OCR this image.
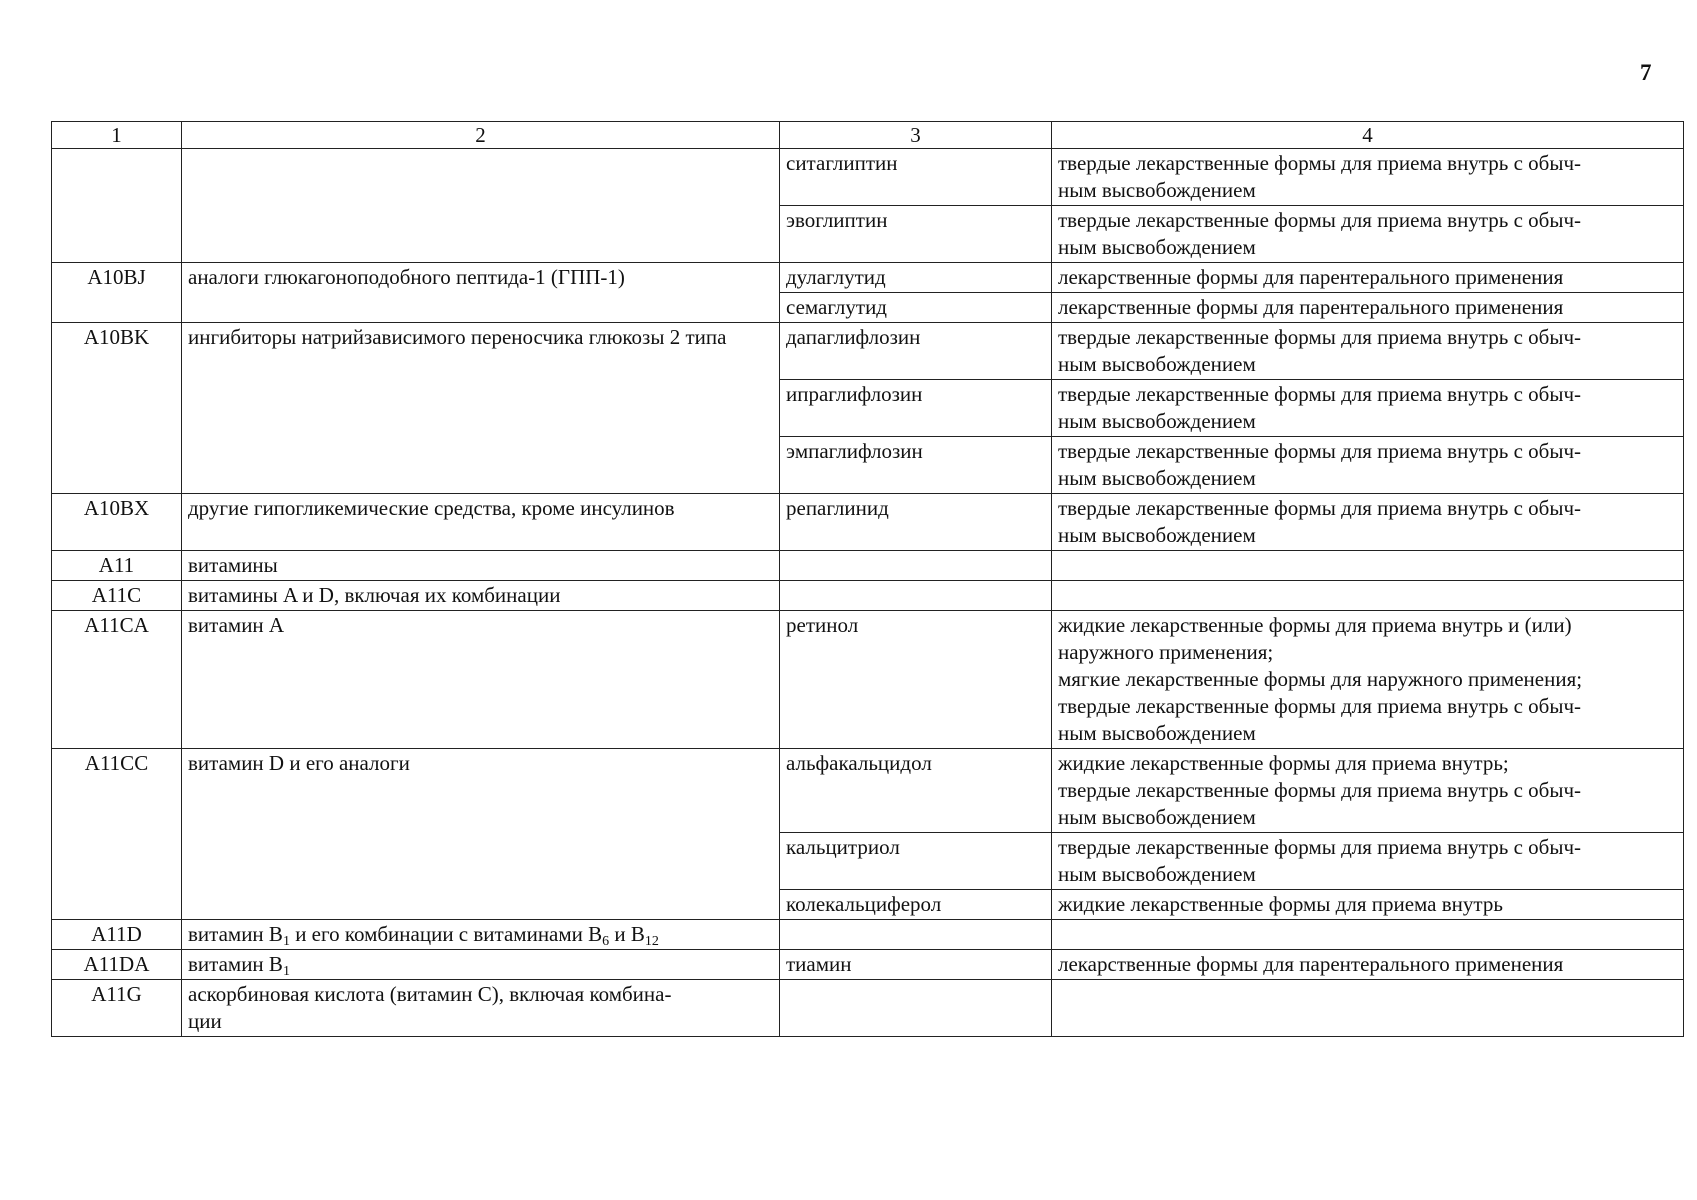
7
1	2	3	4
		ситаглиптин	твердые лекарственные формы для приема внутрь с обыч-
ным высвобождением
		эвоглиптин	твердые лекарственные формы для приема внутрь с обыч-
ным высвобождением
A10BJ	аналоги глюкагоноподобного пептида-1 (ГПП-1)	дулаглутид	лекарственные формы для парентерального применения
		семаглутид	лекарственные формы для парентерального применения
A10BK	ингибиторы натрийзависимого переносчика глюкозы 2 типа	дапаглифлозин	твердые лекарственные формы для приема внутрь с обыч-
ным высвобождением
		ипраглифлозин	твердые лекарственные формы для приема внутрь с обыч-
ным высвобождением
		эмпаглифлозин	твердые лекарственные формы для приема внутрь с обыч-
ным высвобождением
A10BX	другие гипогликемические средства, кроме инсулинов	репаглинид	твердые лекарственные формы для приема внутрь с обыч-
ным высвобождением
A11	витамины		
A11C	витамины A и D, включая их комбинации		
A11CA	витамин А	ретинол	жидкие лекарственные формы для приема внутрь и (или)
наружного применения;
мягкие лекарственные формы для наружного применения;
твердые лекарственные формы для приема внутрь с обыч-
ным высвобождением
A11CC	витамин D и его аналоги	альфакальцидол	жидкие лекарственные формы для приема внутрь;
твердые лекарственные формы для приема внутрь с обыч-
ным высвобождением
		кальцитриол	твердые лекарственные формы для приема внутрь с обыч-
ным высвобождением
		колекальциферол	жидкие лекарственные формы для приема внутрь
A11D	витамин $B_1$ и его комбинации с витаминами $B_6$ и $B_{12}$		
A11DA	витамин $B_1$	тиамин	лекарственные формы для парентерального применения
A11G	аскорбиновая кислота (витамин С), включая комбина-
ции		
